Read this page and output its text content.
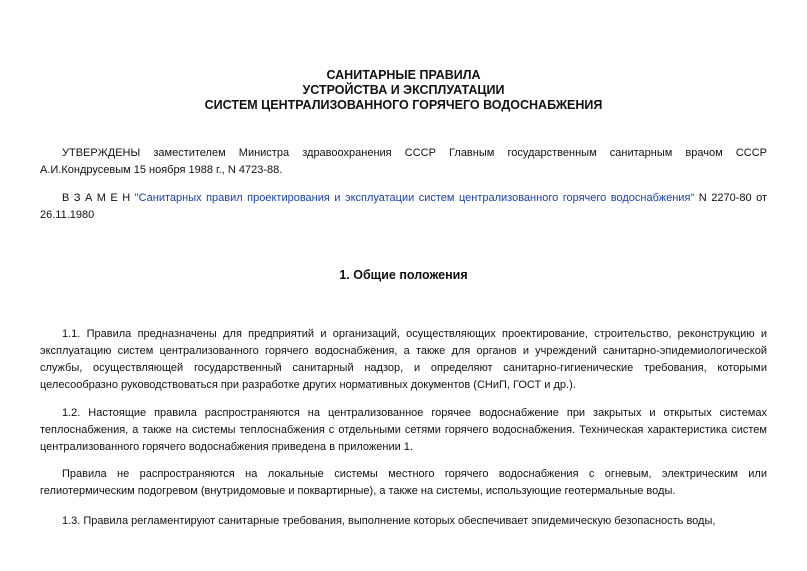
САНИТАРНЫЕ ПРАВИЛА
УСТРОЙСТВА И ЭКСПЛУАТАЦИИ
СИСТЕМ ЦЕНТРАЛИЗОВАННОГО ГОРЯЧЕГО ВОДОСНАБЖЕНИЯ
УТВЕРЖДЕНЫ заместителем Министра здравоохранения СССР Главным государственным санитарным врачом СССР А.И.Кондрусевым 15 ноября 1988 г., N 4723-88.
В З А М Е Н "Санитарных правил проектирования и эксплуатации систем централизованного горячего водоснабжения" N 2270-80 от 26.11.1980
1. Общие положения
1.1. Правила предназначены для предприятий и организаций, осуществляющих проектирование, строительство, реконструкцию и эксплуатацию систем централизованного горячего водоснабжения, а также для органов и учреждений санитарно-эпидемиологической службы, осуществляющей государственный санитарный надзор, и определяют санитарно-гигиенические требования, которыми целесообразно руководствоваться при разработке других нормативных документов (СНиП, ГОСТ и др.).
1.2. Настоящие правила распространяются на централизованное горячее водоснабжение при закрытых и открытых системах теплоснабжения, а также на системы теплоснабжения с отдельными сетями горячего водоснабжения. Техническая характеристика систем централизованного горячего водоснабжения приведена в приложении 1.
Правила не распространяются на локальные системы местного горячего водоснабжения с огневым, электрическим или гелиотермическим подогревом (внутридомовые и поквартирные), а также на системы, использующие геотермальные воды.
1.3. Правила регламентируют санитарные требования, выполнение которых обеспечивает эпидемическую безопасность воды,
